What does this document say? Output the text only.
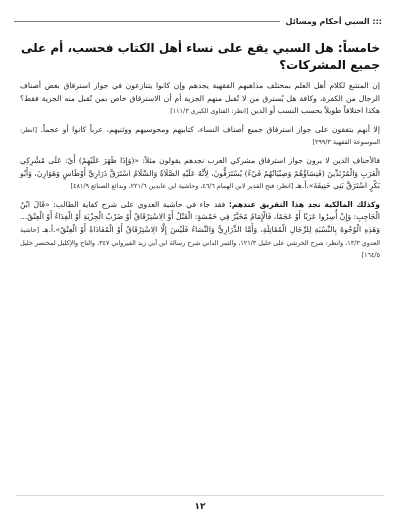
::: السبي أحكام ومسائل
خامساً: هل السبي يقع على نساء أهل الكتاب فحسب، أم على جميع المشركات؟

إن المتتبع لكلام أهل العلم بمختلف مذاهبهم الفقهية يجدهم وإن كانوا يتنازعون في جواز استرقاق بعض أصناف الرجال من الكفرة، وكافة هل يُسترق من لا تُقبل منهم الجزية أم أن الاسترقاق خاص بمن تُقبل منه الجزية فقط؟ هكذا اختلافاً طويلاً بحسب النسب أو الدين [انظر: الفتاوى الكبرى ١١١/٣]

إلا أنهم يتفقون على جواز استرقاق جميع أصناف النساء، كتابيهم ومجوسيهم ووثنيهم، عرباً كانوا أو عجماً. [انظر: الموسوعة الفقهية ٢٩٩/٣]

فالأحناف الذين لا يرون جواز استرقاق مشركي العرب نجدهم يقولون مثلاً: «(وَإِذَا ظَهَرَ عَلَيْهِمْ) أَيْ: عَلَى مُشْرِكِي الْعَرَبِ وَالْمُرْتَدِّينَ (فَنِسَاؤُهُمْ وَصِبْيَانُهُمْ فَيْءٌ) يُسْتَرَقُّونَ، لِأَنَّهُ عَلَيْهِ الصَّلَاةُ وَالسَّلَامُ اسْتَرَقَّ ذَرَارِيَّ أَوْطَاسٍ وَهَوَازِنَ، وَأَبُو بَكْرٍ اسْتَرَقَّ بَنِي حَنِيفَةَ».أ.هـ [انظر: فتح القدير لابن الهمام ٤٦/٦، وحاشية ابن عابدين ٢٢١/٦، وبدائع الصنائع ٤٨١/٩]

وكذلك المالكية نجد هذا التفريق عندهم: فقد جاء في حاشية العدوي على شرح كفاية الطالب: «قَالَ ابْنُ الْحَاجِبِ: وَإِنْ أُسِرُوا عَرَبًا أَوْ عَجَمًا، فَالْإِمَامُ مُخَيَّرٌ فِي خَمْسَةٍ: الْقَتْلُ أَوْ الِاسْتِرْقَاقُ أَوْ ضَرْبُ الْجِزْيَةِ أَوْ الْفِدَاءُ أَوْ الْعِتْقُ... وَهَذِهِ الْوُجُوهُ بِالنِّسْبَةِ لِلرِّجَالِ الْمُقَاتِلَةِ، وَأَمَّا الذَّرَارِيُّ وَالنِّسَاءُ فَلَيْسَ إِلَّا الِاسْتِرْقَاقُ أَوْ الْمُفَادَاةُ أَوْ الْعِتْقُ».أ.هـ [حاشية العدوي ١٣/٣، وانظر: شرح الخرشي على خليل ١٢١/٣، والثمر الداني شرح رسالة ابن أبي زيد القيرواني ٣٤٧، والتاج والإكليل لمختصر خليل ١٦٤/٥]

١٢
